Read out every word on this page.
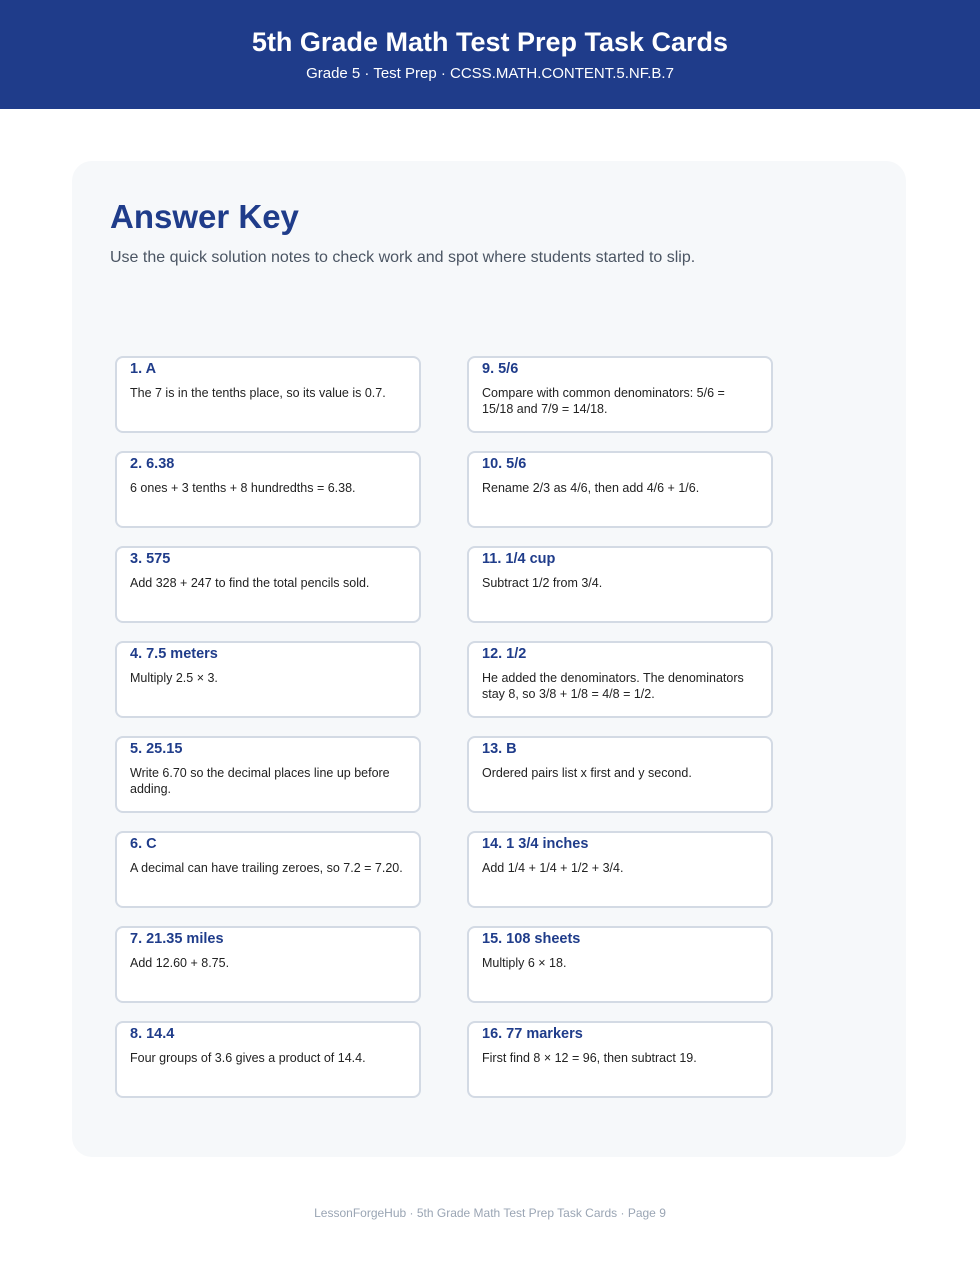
5th Grade Math Test Prep Task Cards
Grade 5 · Test Prep · CCSS.MATH.CONTENT.5.NF.B.7
Answer Key
Use the quick solution notes to check work and spot where students started to slip.
1. A
The 7 is in the tenths place, so its value is 0.7.
2. 6.38
6 ones + 3 tenths + 8 hundredths = 6.38.
3. 575
Add 328 + 247 to find the total pencils sold.
4. 7.5 meters
Multiply 2.5 × 3.
5. 25.15
Write 6.70 so the decimal places line up before adding.
6. C
A decimal can have trailing zeroes, so 7.2 = 7.20.
7. 21.35 miles
Add 12.60 + 8.75.
8. 14.4
Four groups of 3.6 gives a product of 14.4.
9. 5/6
Compare with common denominators: 5/6 = 15/18 and 7/9 = 14/18.
10. 5/6
Rename 2/3 as 4/6, then add 4/6 + 1/6.
11. 1/4 cup
Subtract 1/2 from 3/4.
12. 1/2
He added the denominators. The denominators stay 8, so 3/8 + 1/8 = 4/8 = 1/2.
13. B
Ordered pairs list x first and y second.
14. 1 3/4 inches
Add 1/4 + 1/4 + 1/2 + 3/4.
15. 108 sheets
Multiply 6 × 18.
16. 77 markers
First find 8 × 12 = 96, then subtract 19.
LessonForgeHub · 5th Grade Math Test Prep Task Cards · Page 9
